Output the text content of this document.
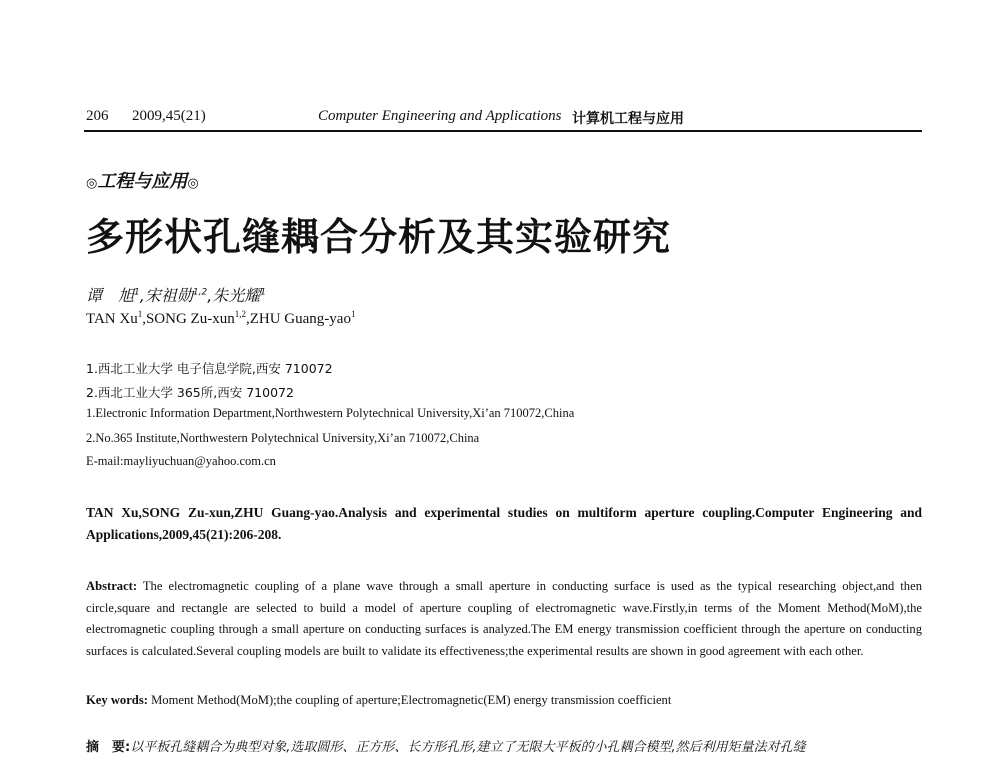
206 2009,45(21)	Computer Engineering and Applications 计算机工程与应用
◎工程与应用◎
多形状孔缝耦合分析及其实验研究
谭　旭$^1$,宋祖勋$^{1,2}$,朱光耀$^1$
TAN Xu$^1$,SONG Zu-xun$^{1,2}$,ZHU Guang-yao$^1$
1.西北工业大学 电子信息学院,西安 710072
2.西北工业大学 365所,西安 710072
1.Electronic Information Department,Northwestern Polytechnical University,Xi’an 710072,China
2.No.365 Institute,Northwestern Polytechnical University,Xi’an 710072,China
E-mail:mayliyuchuan@yahoo.com.cn
TAN Xu,SONG Zu-xun,ZHU Guang-yao.Analysis and experimental studies on multiform aperture coupling.Computer Engineering and Applications,2009,45(21):206-208.
Abstract: The electromagnetic coupling of a plane wave through a small aperture in conducting surface is used as the typical researching object,and then circle,square and rectangle are selected to build a model of aperture coupling of electromagnetic wave.Firstly,in terms of the Moment Method(MoM),the electromagnetic coupling through a small aperture on conducting surfaces is analyzed.The EM energy transmission coefficient through the aperture on conducting surfaces is calculated.Several coupling models are built to validate its effectiveness;the experimental results are shown in good agreement with each other.
Key words: Moment Method(MoM);the coupling of aperture;Electromagnetic(EM) energy transmission coefficient
摘　要:以平板孔缝耦合为典型对象,选取圆形、正方形、长方形孔形,建立了无限大平板的小孔耦合模型,然后利用矩量法对孔缝
